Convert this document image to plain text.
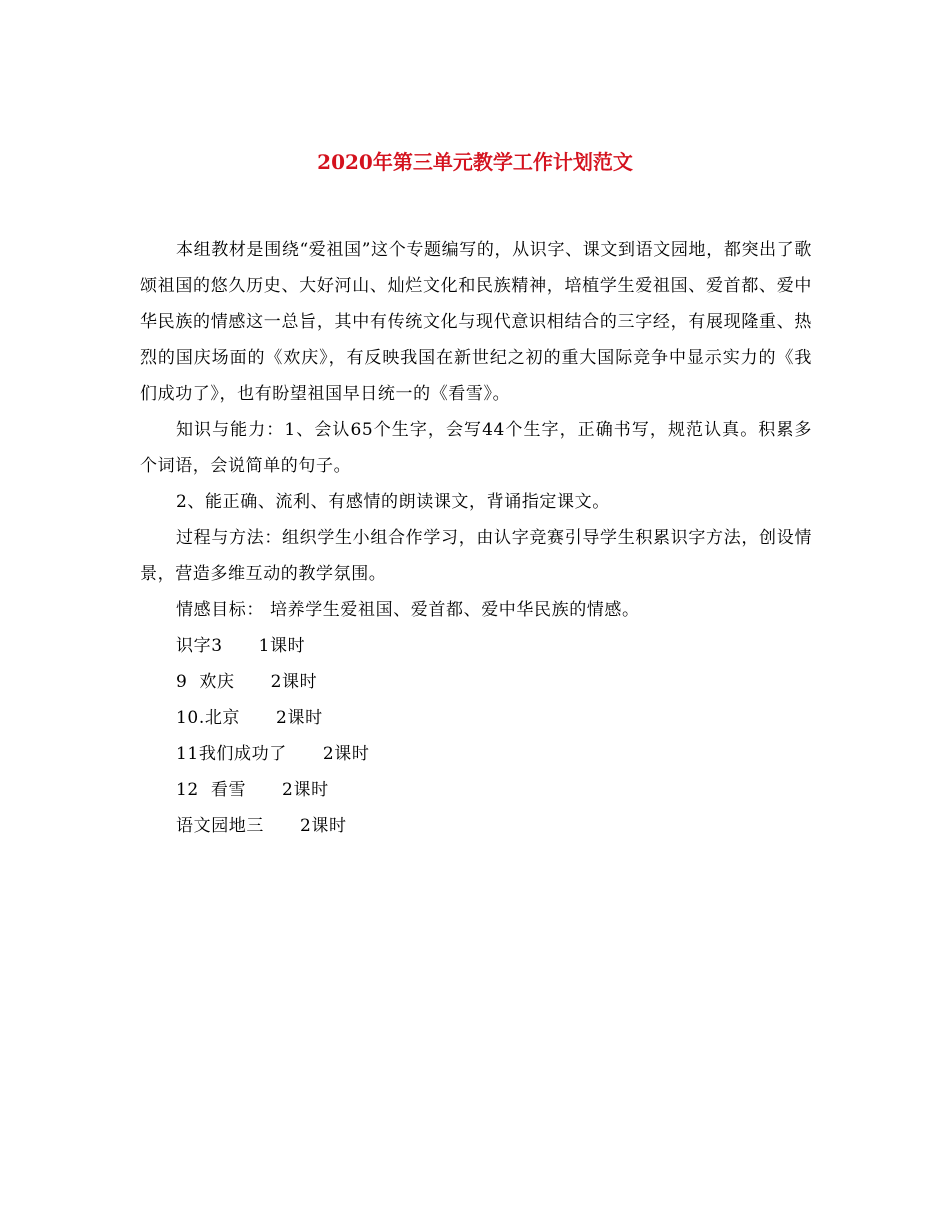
2020年第三单元教学工作计划范文

本组教材是围绕“爱祖国”这个专题编写的，从识字、课文到语文园地，都突出了歌颂祖国的悠久历史、大好河山、灿烂文化和民族精神，培植学生爱祖国、爱首都、爱中华民族的情感这一总旨，其中有传统文化与现代意识相结合的三字经，有展现隆重、热烈的国庆场面的《欢庆》，有反映我国在新世纪之初的重大国际竞争中显示实力的《我们成功了》，也有盼望祖国早日统一的《看雪》。

知识与能力：1、会认65个生字，会写44个生字，正确书写，规范认真。积累多个词语，会说简单的句子。

2、能正确、流利、有感情的朗读课文，背诵指定课文。

过程与方法：组织学生小组合作学习，由认字竞赛引导学生积累识字方法，创设情景，营造多维互动的教学氛围。

情感目标： 培养学生爱祖国、爱首都、爱中华民族的情感。

识字3 1课时
9  欢庆 2课时
10.北京 2课时
11我们成功了 2课时
12  看雪 2课时
语文园地三 2课时
